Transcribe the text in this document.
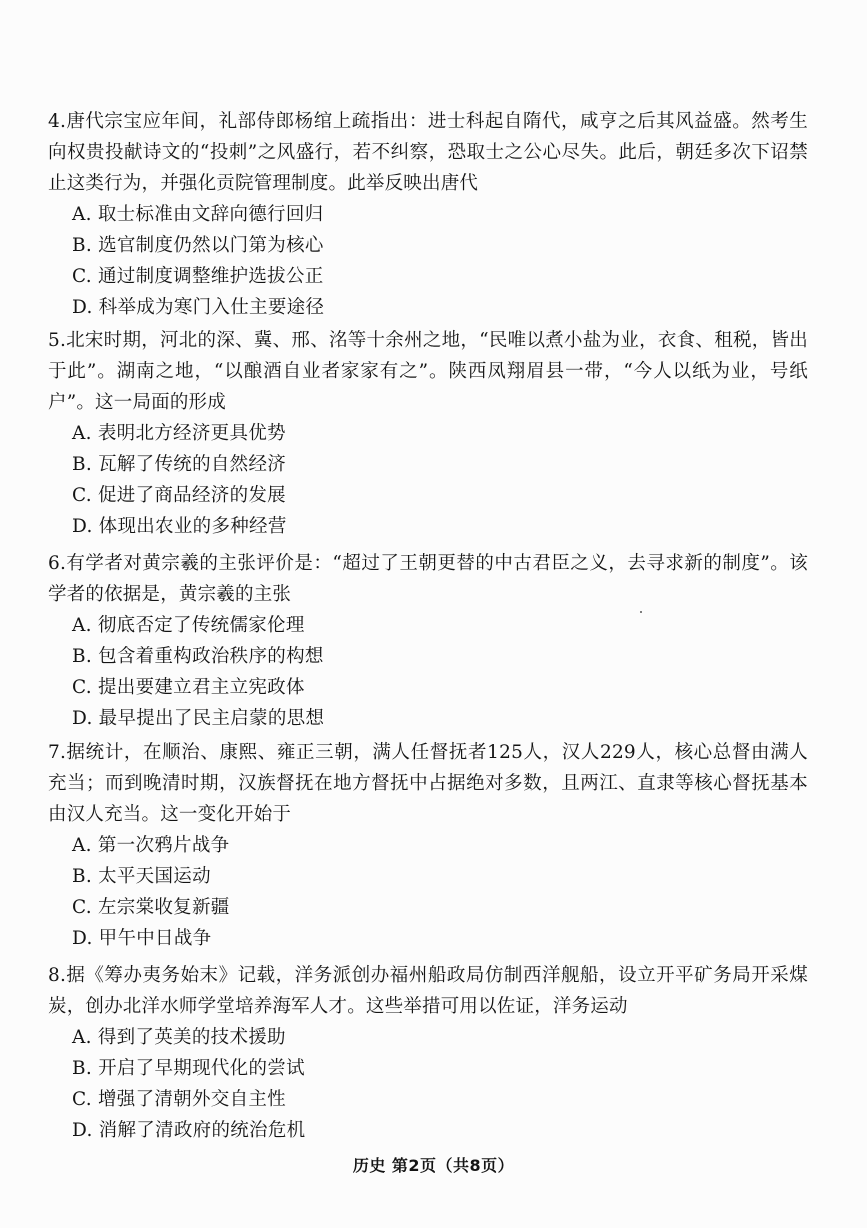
4.唐代宗宝应年间，礼部侍郎杨绾上疏指出：进士科起自隋代，咸亨之后其风益盛。然考生向权贵投献诗文的“投刺”之风盛行，若不纠察，恐取士之公心尽失。此后，朝廷多次下诏禁止这类行为，并强化贡院管理制度。此举反映出唐代
A. 取士标准由文辞向德行回归
B. 选官制度仍然以门第为核心
C. 通过制度调整维护选拔公正
D. 科举成为寒门入仕主要途径
5.北宋时期，河北的深、冀、邢、洺等十余州之地，“民唯以煮小盐为业，衣食、租税，皆出于此”。湖南之地，“以酿酒自业者家家有之”。陕西凤翔眉县一带，“今人以纸为业，号纸户”。这一局面的形成
A. 表明北方经济更具优势
B. 瓦解了传统的自然经济
C. 促进了商品经济的发展
D. 体现出农业的多种经营
6.有学者对黄宗羲的主张评价是：“超过了王朝更替的中古君臣之义，去寻求新的制度”。该学者的依据是，黄宗羲的主张
A. 彻底否定了传统儒家伦理
B. 包含着重构政治秩序的构想
C. 提出要建立君主立宪政体
D. 最早提出了民主启蒙的思想
7.据统计，在顺治、康熙、雍正三朝，满人任督抚者125人，汉人229人，核心总督由满人充当；而到晚清时期，汉族督抚在地方督抚中占据绝对多数，且两江、直隶等核心督抚基本由汉人充当。这一变化开始于
A. 第一次鸦片战争
B. 太平天国运动
C. 左宗棠收复新疆
D. 甲午中日战争
8.据《筹办夷务始末》记载，洋务派创办福州船政局仿制西洋舰船，设立开平矿务局开采煤炭，创办北洋水师学堂培养海军人才。这些举措可用以佐证，洋务运动
A. 得到了英美的技术援助
B. 开启了早期现代化的尝试
C. 增强了清朝外交自主性
D. 消解了清政府的统治危机
历史 第2页（共8页）
